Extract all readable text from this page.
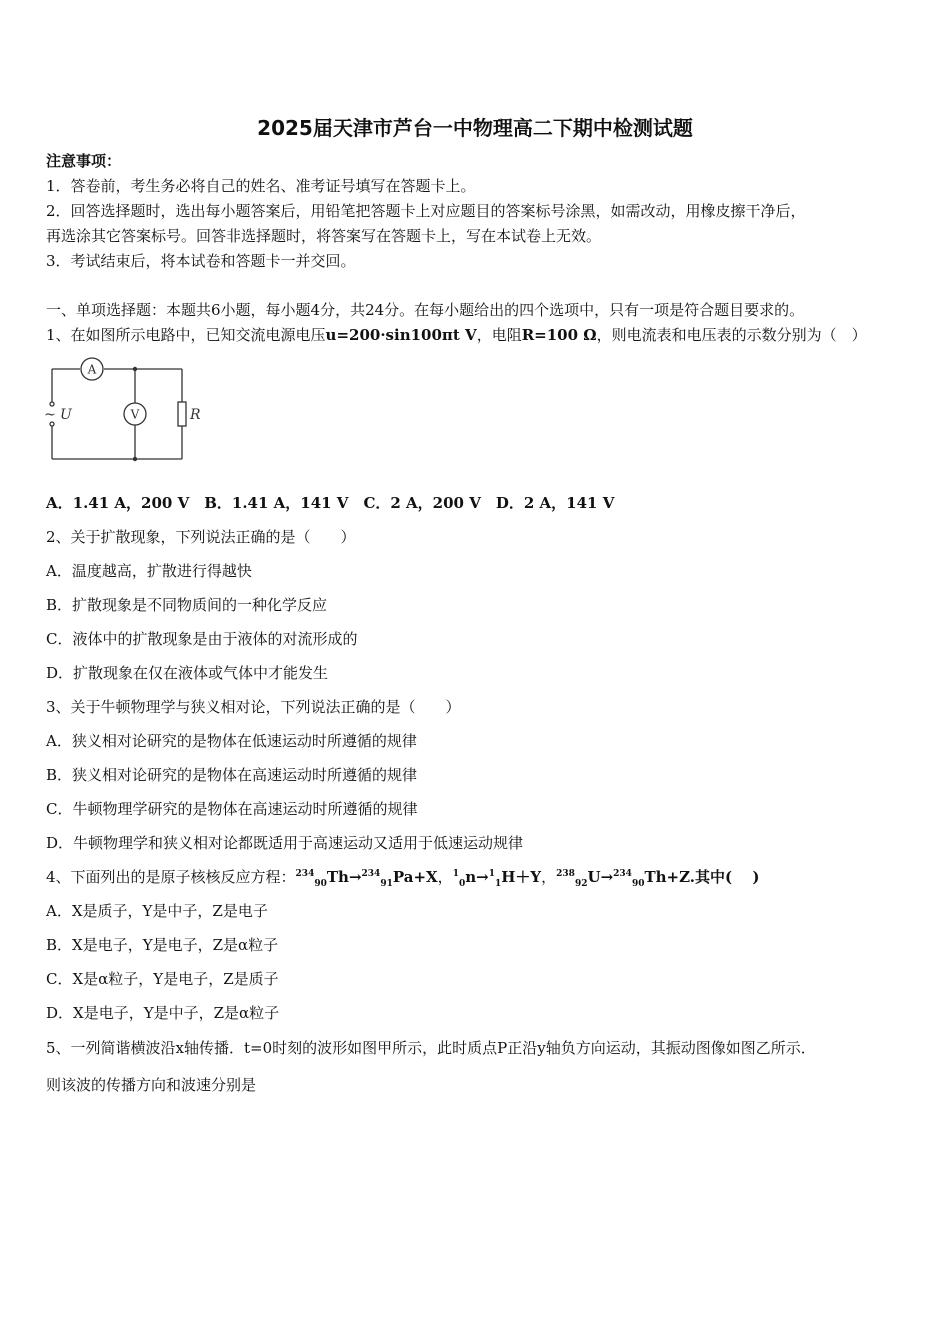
2025届天津市芦台一中物理高二下期中检测试题
注意事项：
1．答卷前，考生务必将自己的姓名、准考证号填写在答题卡上。
2．回答选择题时，选出每小题答案后，用铅笔把答题卡上对应题目的答案标号涂黑，如需改动，用橡皮擦干净后，
再选涂其它答案标号。回答非选择题时，将答案写在答题卡上，写在本试卷上无效。
3．考试结束后，将本试卷和答题卡一并交回。
一、单项选择题：本题共6小题，每小题4分，共24分。在每小题给出的四个选项中，只有一项是符合题目要求的。
1、在如图所示电路中，已知交流电源电压u=200·sin100πt V，电阻R=100 Ω，则电流表和电压表的示数分别为（　）
A
V
~ U	R
A．1.41 A，200 V　B．1.41 A，141 V　C．2 A，200 V　D．2 A，141 V
2、关于扩散现象，下列说法正确的是（　　）
A．温度越高，扩散进行得越快
B．扩散现象是不同物质间的一种化学反应
C．液体中的扩散现象是由于液体的对流形成的
D．扩散现象在仅在液体或气体中才能发生
3、关于牛顿物理学与狭义相对论，下列说法正确的是（　　）
A．狭义相对论研究的是物体在低速运动时所遵循的规律
B．狭义相对论研究的是物体在高速运动时所遵循的规律
C．牛顿物理学研究的是物体在高速运动时所遵循的规律
D．牛顿物理学和狭义相对论都既适用于高速运动又适用于低速运动规律
4、下面列出的是原子核核反应方程：$^{234}_{90}$Th→$^{234}_{91}$Pa+X，$^1_0$n→$^1_1$H＋Y，$^{238}_{92}$U→$^{234}_{90}$Th+Z.其中(　 )
A．X是质子，Y是中子，Z是电子
B．X是电子，Y是电子，Z是α粒子
C．X是α粒子，Y是电子，Z是质子
D．X是电子，Y是中子，Z是α粒子
5、一列简谐横波沿x轴传播．t=0时刻的波形如图甲所示，此时质点P正沿y轴负方向运动，其振动图像如图乙所示．
则该波的传播方向和波速分别是
